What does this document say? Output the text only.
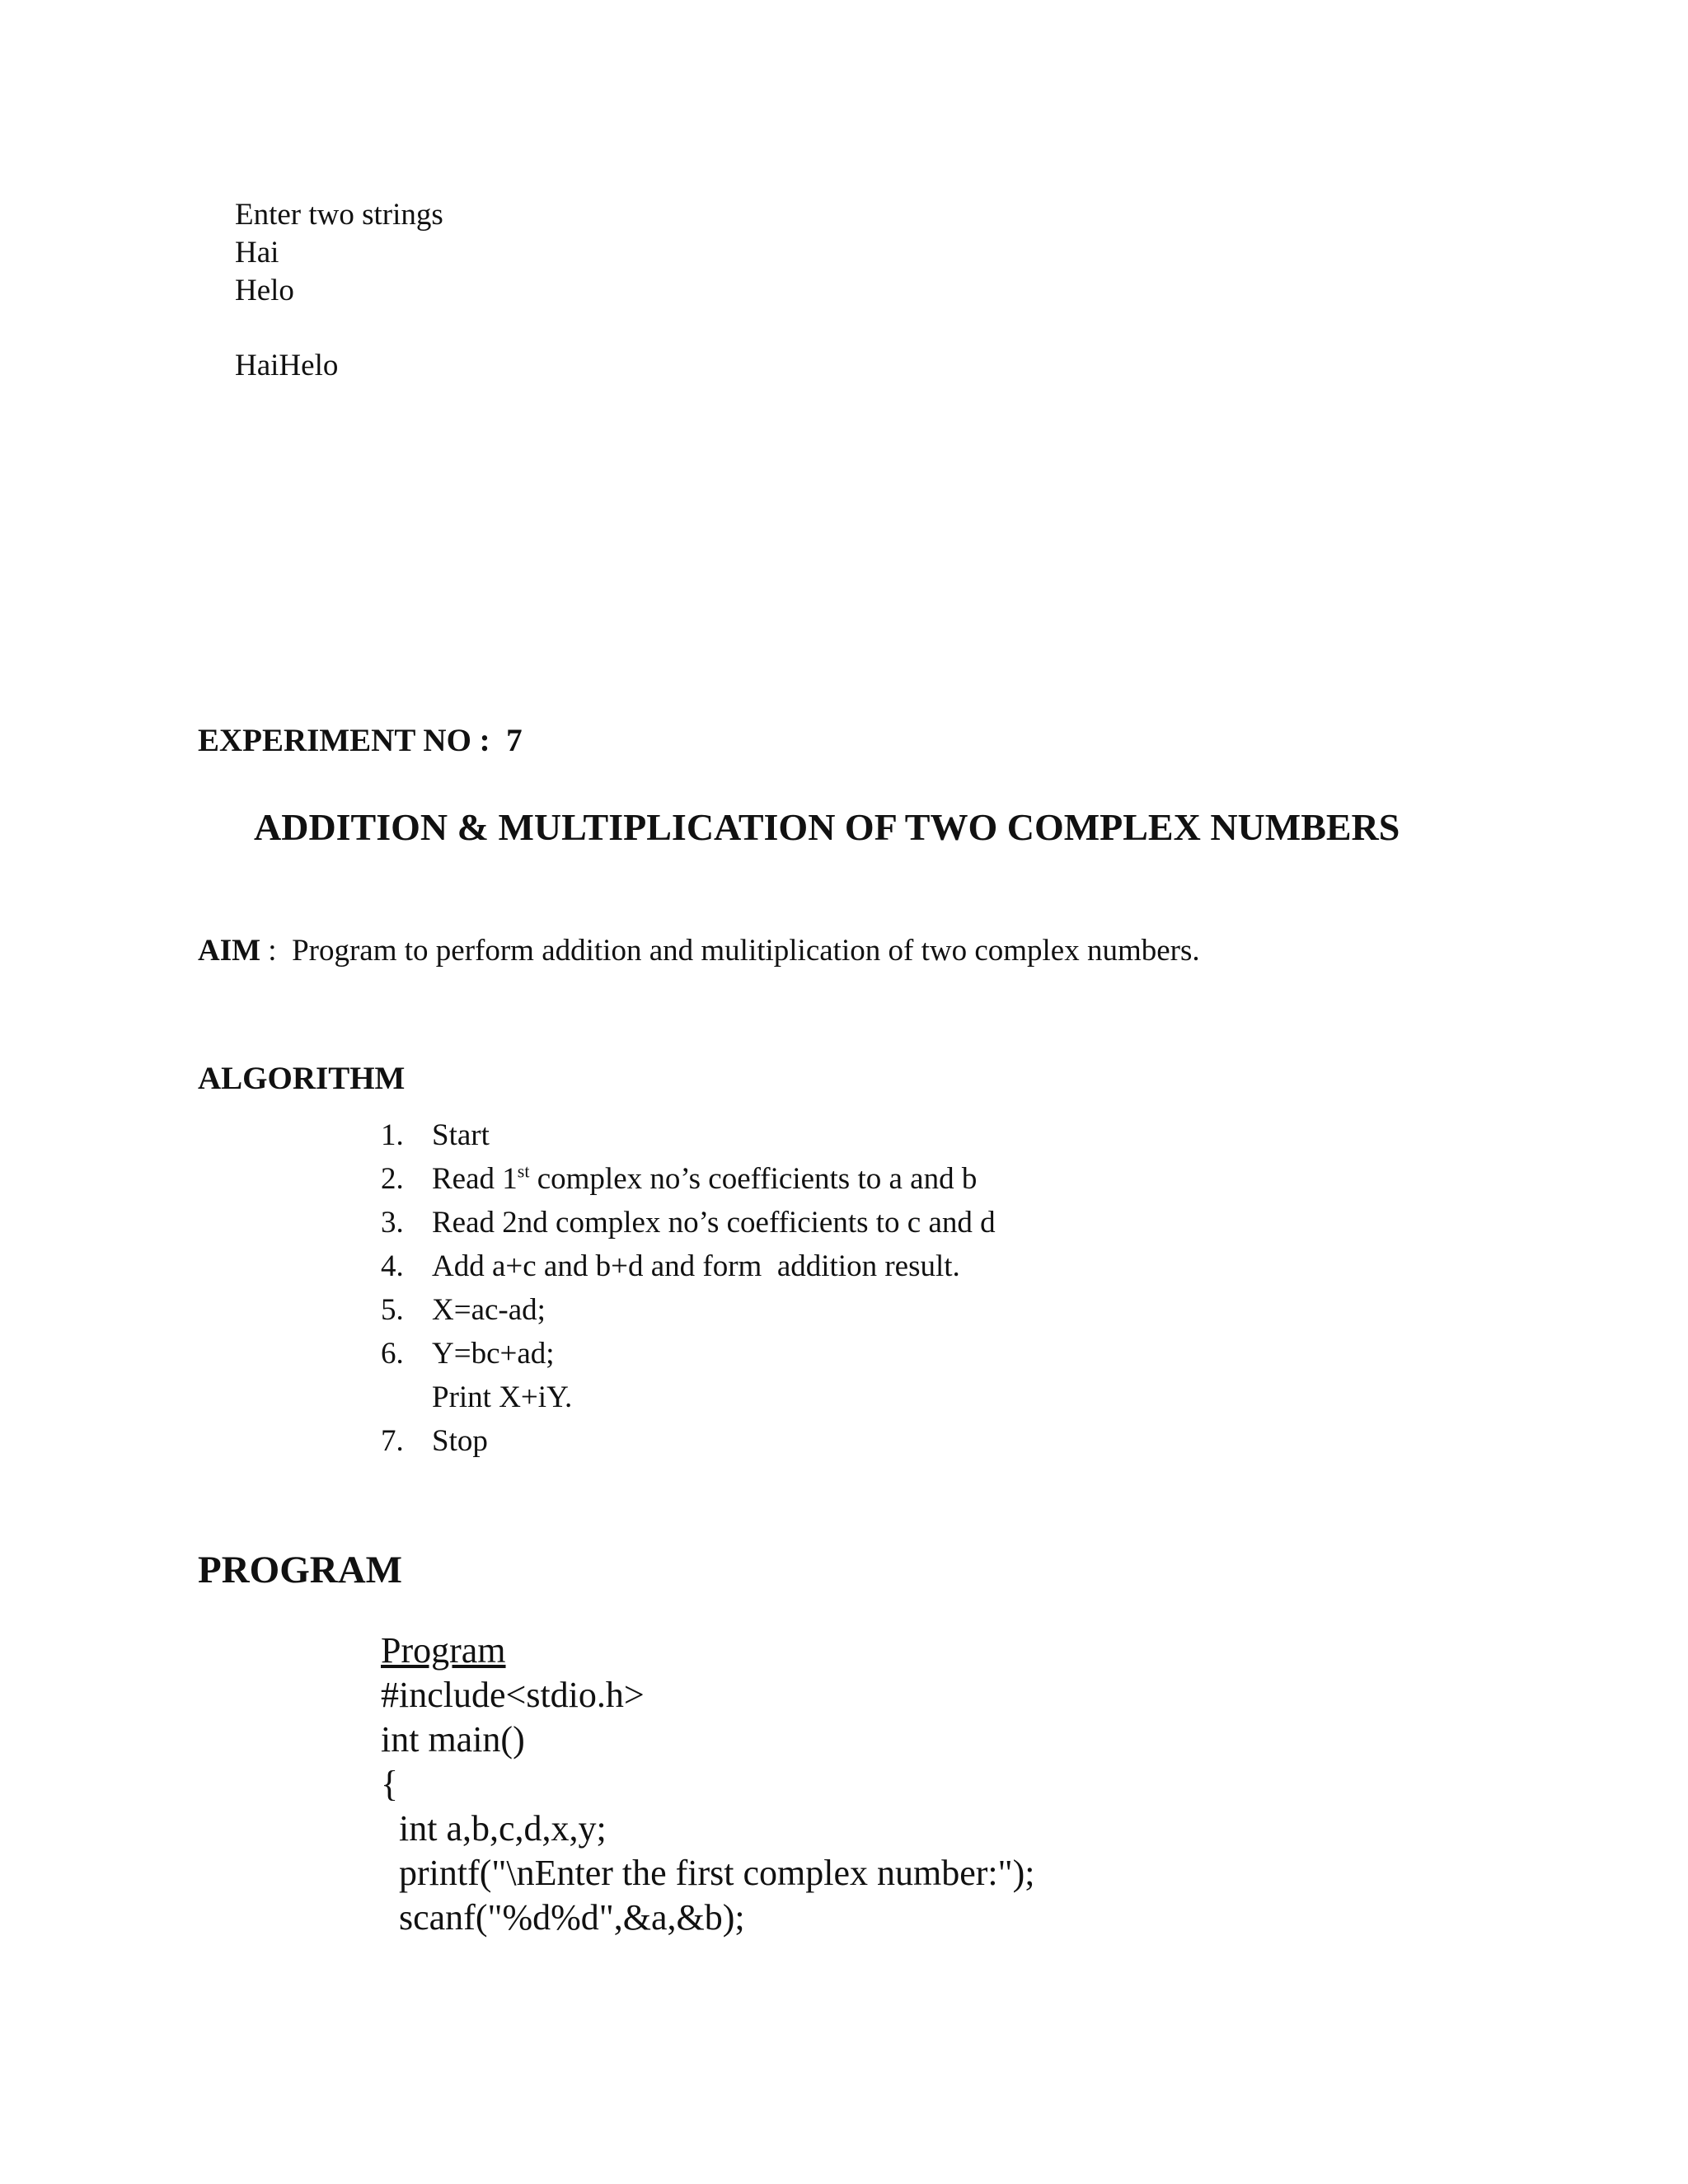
Enter two strings
Hai
Helo
HaiHelo
EXPERIMENT NO :  7
ADDITION & MULTIPLICATION OF TWO COMPLEX NUMBERS
AIM :  Program to perform addition and mulitiplication of two complex numbers.
ALGORITHM
1. Start
2. Read 1st complex no’s coefficients to a and b
3. Read 2nd complex no’s coefficients to c and d
4. Add a+c and b+d and form  addition result.
5. X=ac-ad;
6. Y=bc+ad;
Print X+iY.
7. Stop
PROGRAM
Program
#include<stdio.h>
int main()
{
int a,b,c,d,x,y;
printf("\nEnter the first complex number:");
scanf("%d%d",&a,&b);
